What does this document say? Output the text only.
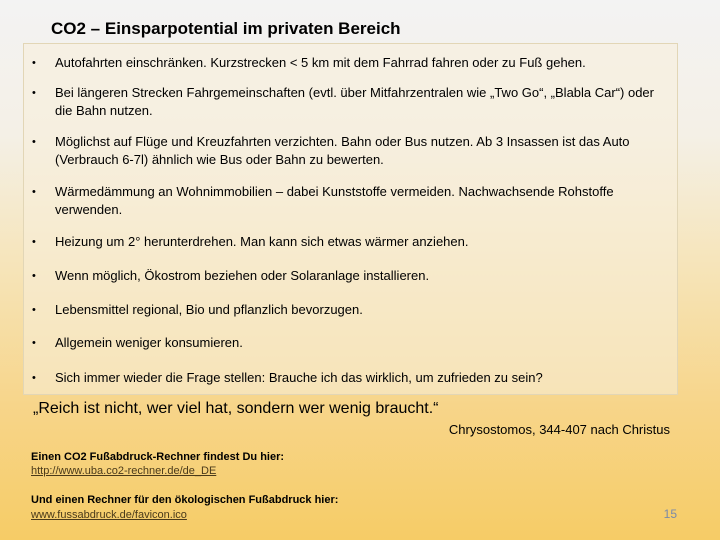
CO2 – Einsparpotential im privaten Bereich
• Autofahrten einschränken. Kurzstrecken < 5 km mit dem Fahrrad fahren oder zu Fuß gehen.
• Bei längeren Strecken Fahrgemeinschaften (evtl. über Mitfahrzentralen wie „Two Go“, „Blabla Car“) oder die Bahn nutzen.
• Möglichst auf Flüge und Kreuzfahrten verzichten. Bahn oder Bus nutzen. Ab 3 Insassen ist das Auto (Verbrauch 6-7l) ähnlich wie Bus oder Bahn zu bewerten.
• Wärmedämmung an Wohnimmobilien – dabei Kunststoffe vermeiden. Nachwachsende Rohstoffe verwenden.
• Heizung um 2° herunterdrehen. Man kann sich etwas wärmer anziehen.
• Wenn möglich, Ökostrom beziehen oder Solaranlage installieren.
• Lebensmittel regional, Bio und pflanzlich bevorzugen.
• Allgemein weniger konsumieren.
• Sich immer wieder die Frage stellen: Brauche ich das wirklich, um zufrieden zu sein?
„Reich ist nicht, wer viel hat, sondern wer wenig braucht.“
Chrysostomos, 344-407 nach Christus
Einen CO2 Fußabdruck-Rechner findest Du hier:
http://www.uba.co2-rechner.de/de_DE
Und einen Rechner für den ökologischen Fußabdruck hier:
www.fussabdruck.de/favicon.ico	15
